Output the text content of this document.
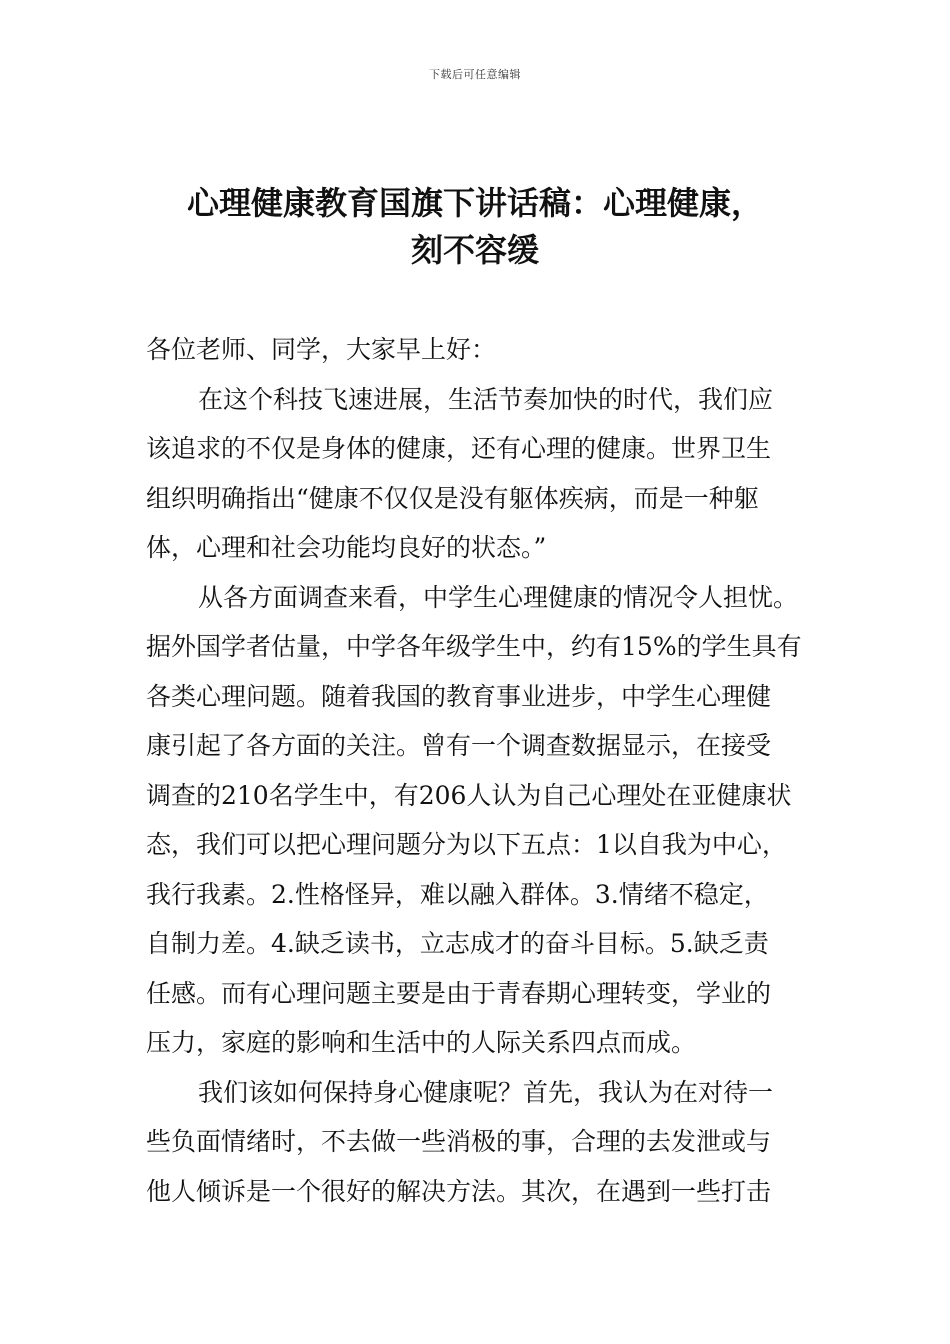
下载后可任意编辑
心理健康教育国旗下讲话稿：心理健康，
刻不容缓
各位老师、同学，大家早上好：
在这个科技飞速进展，生活节奏加快的时代，我们应
该追求的不仅是身体的健康，还有心理的健康。世界卫生
组织明确指出“健康不仅仅是没有躯体疾病，而是一种躯
体，心理和社会功能均良好的状态。”
从各方面调查来看，中学生心理健康的情况令人担忧。
据外国学者估量，中学各年级学生中，约有15%的学生具有
各类心理问题。随着我国的教育事业进步，中学生心理健
康引起了各方面的关注。曾有一个调查数据显示，在接受
调查的210名学生中，有206人认为自己心理处在亚健康状
态，我们可以把心理问题分为以下五点：1以自我为中心，
我行我素。2.性格怪异，难以融入群体。3.情绪不稳定，
自制力差。4.缺乏读书，立志成才的奋斗目标。5.缺乏责
任感。而有心理问题主要是由于青春期心理转变，学业的
压力，家庭的影响和生活中的人际关系四点而成。
我们该如何保持身心健康呢？首先，我认为在对待一
些负面情绪时，不去做一些消极的事，合理的去发泄或与
他人倾诉是一个很好的解决方法。其次，在遇到一些打击
